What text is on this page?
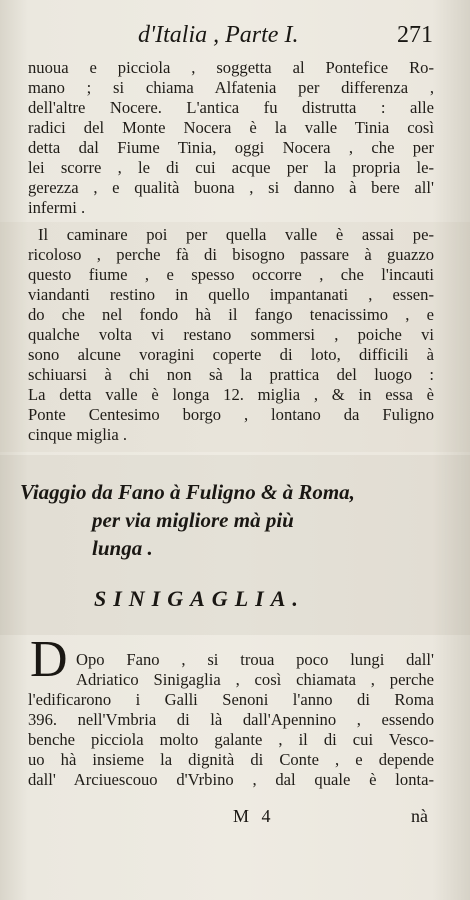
d'Italia , Parte I.	271
nuoua e picciola , soggetta al Pontefice Ro-
mano ; si chiama Alfatenia per differenza ,
dell'altre Nocere. L'antica fu distrutta : alle
radici del Monte Nocera è la valle Tinia così
detta dal Fiume Tinia, oggi Nocera , che per
lei scorre , le di cui acque per la propria le-
gerezza , e qualità buona , si danno à bere all'
infermi .
Il caminare poi per quella valle è assai pe-
ricoloso , perche fà di bisogno passare à guazzo
questo fiume , e spesso occorre , che l'incauti
viandanti restino in quello impantanati , essen-
do che nel fondo hà il fango tenacissimo , e
qualche volta vi restano sommersi , poiche vi
sono alcune voragini coperte di loto, difficili à
schiuarsi à chi non sà la prattica del luogo :
La detta valle è longa 12. miglia , & in essa è
Ponte Centesimo borgo , lontano da Fuligno
cinque miglia .
Viaggio da Fano à Fuligno & à Roma,
per via migliore mà più
lunga .
SINIGAGLIA.
D Opo Fano , si troua poco lungi dall'
Adriatico Sinigaglia , così chiamata , perche
l'edificarono i Galli Senoni l'anno di Roma
396. nell'Vmbria di là dall'Apennino , essendo
benche picciola molto galante , il di cui Vesco-
uo hà insieme la dignità di Conte , e depende
dall' Arciuescouo d'Vrbino , dal quale è lonta-
M 4	nà
